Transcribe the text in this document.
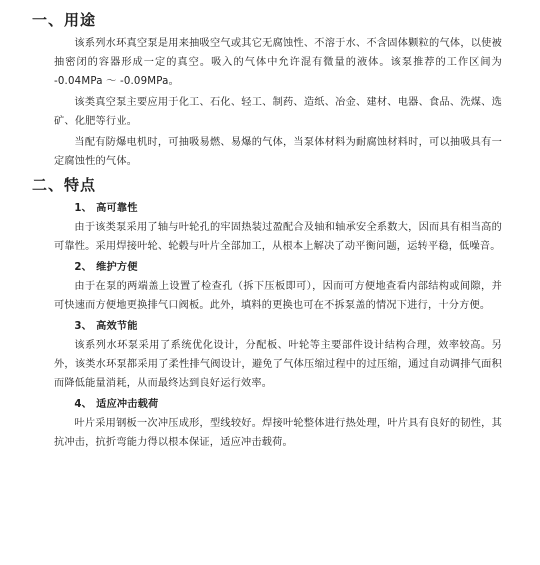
一、用途

该系列水环真空泵是用来抽吸空气或其它无腐蚀性、不溶于水、不含固体颗粒的气体，以使被抽密闭的容器形成一定的真空。吸入的气体中允许混有微量的液体。该泵推荐的工作区间为 -0.04MPa ～ -0.09MPa。

该类真空泵主要应用于化工、石化、轻工、制药、造纸、冶金、建材、电器、食品、洗煤、选矿、化肥等行业。

当配有防爆电机时，可抽吸易燃、易爆的气体，当泵体材料为耐腐蚀材料时，可以抽吸具有一定腐蚀性的气体。

二、特点
1、 高可靠性

由于该类泵采用了轴与叶轮孔的牢固热装过盈配合及轴和轴承安全系数大，因而具有相当高的可靠性。采用焊接叶轮、轮毂与叶片全部加工，从根本上解决了动平衡问题，运转平稳，低噪音。

2、 维护方便

由于在泵的两端盖上设置了检查孔（拆下压板即可），因而可方便地查看内部结构或间隙，并可快速而方便地更换排气口阀板。此外，填料的更换也可在不拆泵盖的情况下进行，十分方便。

3、 高效节能

该系列水环泵采用了系统优化设计，分配板、叶轮等主要部件设计结构合理，效率较高。另外，该类水环泵都采用了柔性排气阀设计，避免了气体压缩过程中的过压缩，通过自动调排气面积而降低能量消耗，从而最终达到良好运行效率。

4、 适应冲击载荷

叶片采用钢板一次冲压成形，型线较好。焊接叶轮整体进行热处理，叶片具有良好的韧性，其抗冲击，抗折弯能力得以根本保证，适应冲击载荷。
